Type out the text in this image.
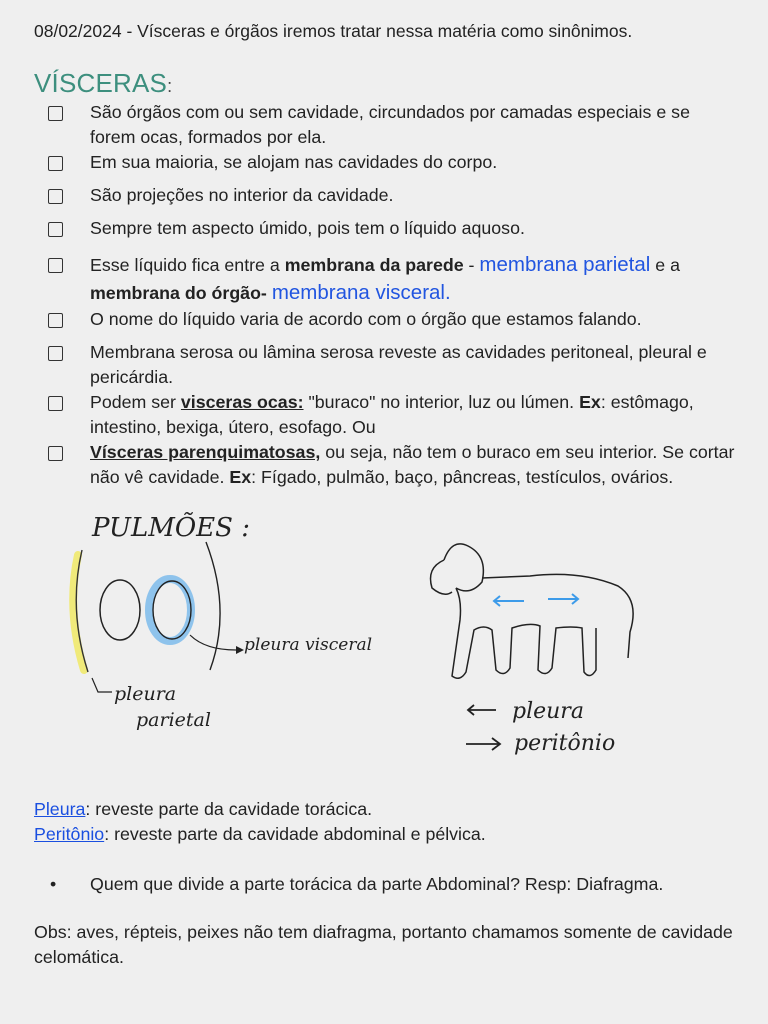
08/02/2024 - Vísceras e órgãos iremos tratar nessa matéria como sinônimos.
VÍSCERAS:
São órgãos com ou sem cavidade, circundados por camadas especiais e se forem ocas, formados por ela.
Em sua maioria, se alojam nas cavidades do corpo.
São projeções no interior da cavidade.
Sempre tem aspecto úmido, pois tem o líquido aquoso.
Esse líquido fica entre a membrana da parede - membrana parietal e a membrana do órgão- membrana visceral.
O nome do líquido varia de acordo com o órgão que estamos falando.
Membrana serosa ou lâmina serosa reveste as cavidades peritoneal, pleural e pericárdia.
Podem ser visceras ocas: "buraco" no interior, luz ou lúmen. Ex: estômago, intestino, bexiga, útero, esofago. Ou
Vísceras parenquimatosas, ou seja, não tem o buraco em seu interior. Se cortar não vê cavidade. Ex: Fígado, pulmão, baço, pâncreas, testículos, ovários.
PULMÕES :
pleura visceral
pleura
parietal	pleura
peritônio
Pleura: reveste parte da cavidade torácica.
Peritônio: reveste parte da cavidade abdominal e pélvica.
• Quem que divide a parte torácica da parte Abdominal? Resp: Diafragma.
Obs: aves, répteis, peixes não tem diafragma, portanto chamamos somente de cavidade celomática.
